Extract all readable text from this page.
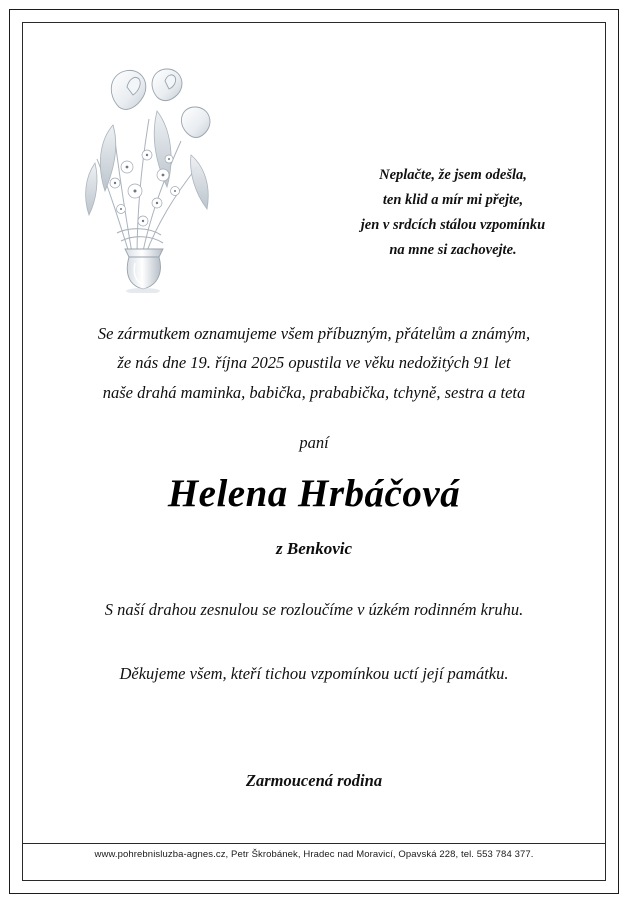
Neplačte, že jsem odešla,
ten klid a mír mi přejte,
jen v srdcích stálou vzpomínku
na mne si zachovejte.
Se zármutkem oznamujeme všem příbuzným, přátelům a známým,
že nás dne 19. října 2025 opustila ve věku nedožitých 91 let
naše drahá maminka, babička, prababička, tchyně, sestra a teta
paní
Helena Hrbáčová
z Benkovic
S naší drahou zesnulou se rozloučíme v úzkém rodinném kruhu.
Děkujeme všem, kteří tichou vzpomínkou uctí její památku.
Zarmoucená rodina
www.pohrebnisluzba-agnes.cz, Petr Škrobánek, Hradec nad Moravicí, Opavská 228, tel. 553 784 377.
